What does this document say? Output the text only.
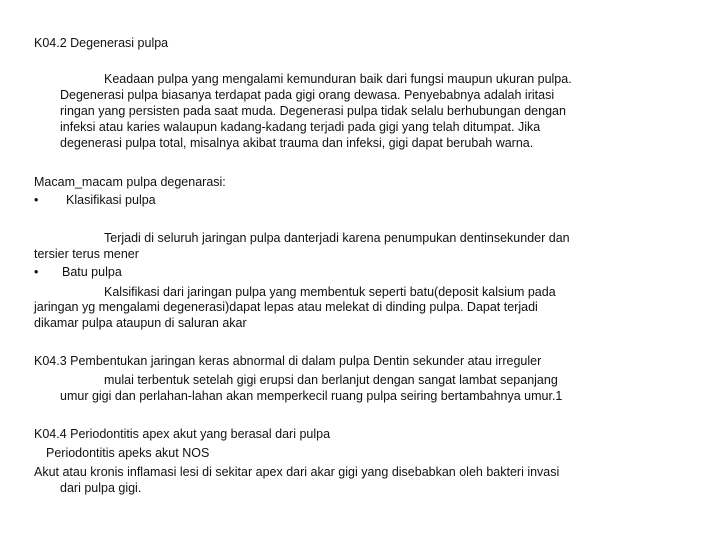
K04.2 Degenerasi pulpa
Keadaan pulpa yang mengalami kemunduran baik dari fungsi maupun ukuran pulpa.
Degenerasi pulpa biasanya terdapat pada gigi orang dewasa. Penyebabnya adalah iritasi
ringan yang persisten pada saat muda. Degenerasi pulpa tidak selalu berhubungan dengan
infeksi atau karies walaupun kadang-kadang terjadi pada gigi yang telah ditumpat. Jika
degenerasi pulpa total, misalnya akibat trauma dan infeksi, gigi dapat berubah warna.
Macam_macam pulpa degenarasi:
• Klasifikasi pulpa
Terjadi di seluruh jaringan pulpa danterjadi karena penumpukan dentinsekunder dan
tersier terus mener
• Batu pulpa
Kalsifikasi dari jaringan pulpa yang membentuk seperti batu(deposit kalsium pada
jaringan yg mengalami degenerasi)dapat lepas atau melekat di dinding pulpa. Dapat terjadi
dikamar pulpa ataupun di saluran akar
K04.3 Pembentukan jaringan keras abnormal di dalam pulpa Dentin sekunder atau irreguler
mulai terbentuk setelah gigi erupsi dan berlanjut dengan sangat lambat sepanjang
umur gigi dan perlahan-lahan akan memperkecil ruang pulpa seiring bertambahnya umur.1
K04.4 Periodontitis apex akut yang berasal dari pulpa
Periodontitis apeks akut NOS
Akut atau kronis inflamasi lesi di sekitar apex dari akar gigi yang disebabkan oleh bakteri invasi
dari pulpa gigi.
